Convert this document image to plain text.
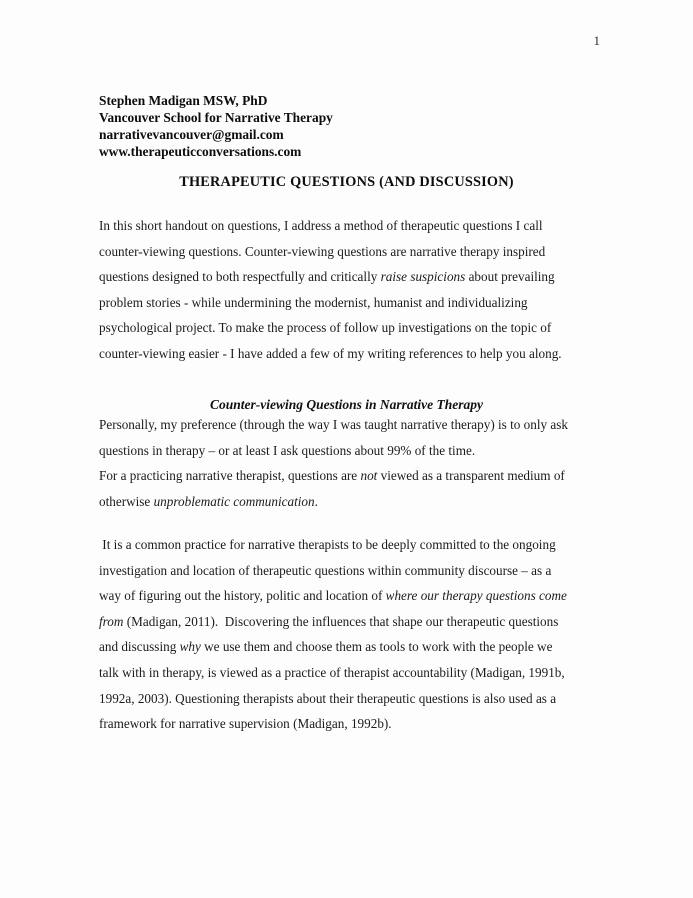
1
Stephen Madigan MSW, PhD
Vancouver School for Narrative Therapy
narrativevancouver@gmail.com
www.therapeuticconversations.com
THERAPEUTIC QUESTIONS (AND DISCUSSION)
In this short handout on questions, I address a method of therapeutic questions I call
counter-viewing questions. Counter-viewing questions are narrative therapy inspired
questions designed to both respectfully and critically raise suspicions about prevailing
problem stories - while undermining the modernist, humanist and individualizing
psychological project. To make the process of follow up investigations on the topic of
counter-viewing easier - I have added a few of my writing references to help you along.
Counter-viewing Questions in Narrative Therapy
Personally, my preference (through the way I was taught narrative therapy) is to only ask
questions in therapy – or at least I ask questions about 99% of the time.
For a practicing narrative therapist, questions are not viewed as a transparent medium of
otherwise unproblematic communication.
It is a common practice for narrative therapists to be deeply committed to the ongoing
investigation and location of therapeutic questions within community discourse – as a
way of figuring out the history, politic and location of where our therapy questions come
from (Madigan, 2011).  Discovering the influences that shape our therapeutic questions
and discussing why we use them and choose them as tools to work with the people we
talk with in therapy, is viewed as a practice of therapist accountability (Madigan, 1991b,
1992a, 2003). Questioning therapists about their therapeutic questions is also used as a
framework for narrative supervision (Madigan, 1992b).
